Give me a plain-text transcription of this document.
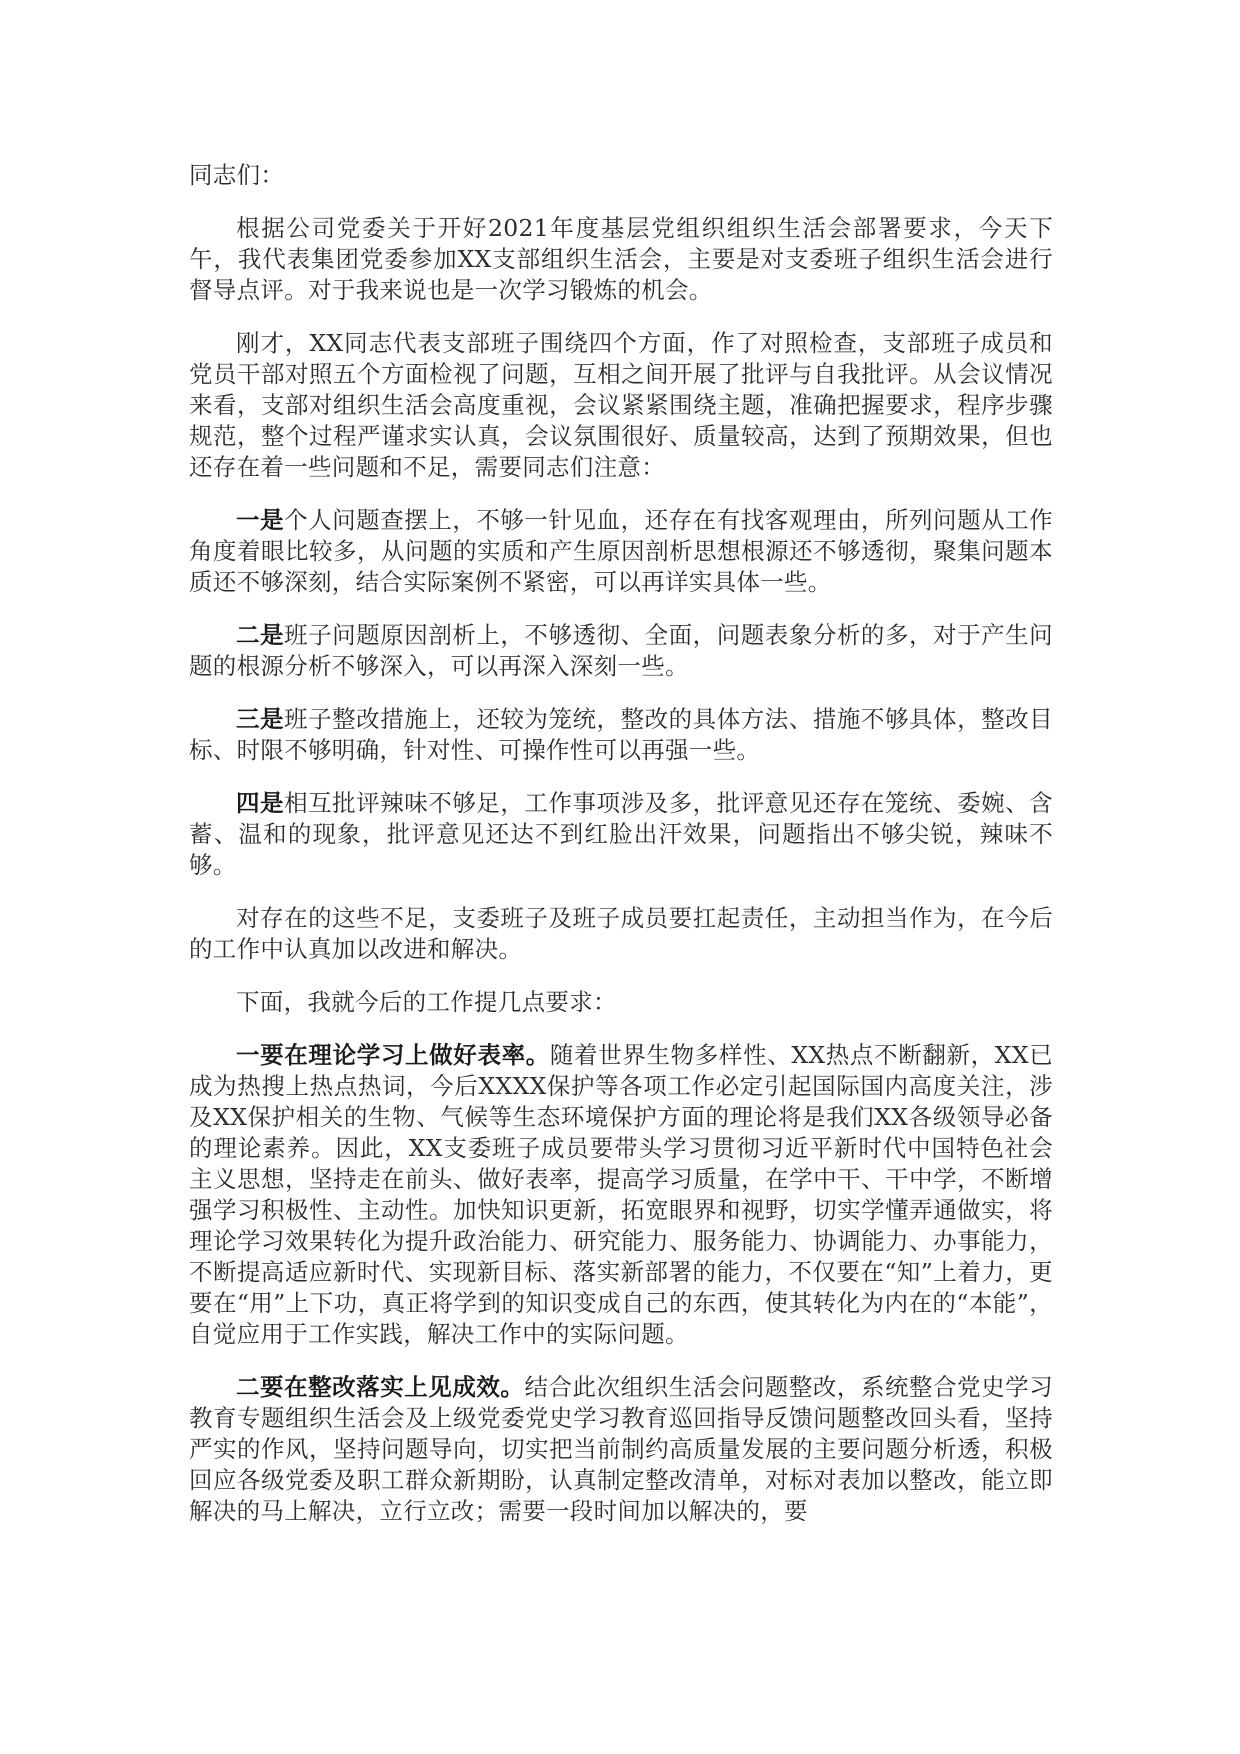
同志们：

根据公司党委关于开好2021年度基层党组织组织生活会部署要求，今天下午，我代表集团党委参加XX支部组织生活会，主要是对支委班子组织生活会进行督导点评。对于我来说也是一次学习锻炼的机会。

刚才，XX同志代表支部班子围绕四个方面，作了对照检查，支部班子成员和党员干部对照五个方面检视了问题，互相之间开展了批评与自我批评。从会议情况来看，支部对组织生活会高度重视，会议紧紧围绕主题，准确把握要求，程序步骤规范，整个过程严谨求实认真，会议氛围很好、质量较高，达到了预期效果，但也还存在着一些问题和不足，需要同志们注意：

一是个人问题查摆上，不够一针见血，还存在有找客观理由，所列问题从工作角度着眼比较多，从问题的实质和产生原因剖析思想根源还不够透彻，聚集问题本质还不够深刻，结合实际案例不紧密，可以再详实具体一些。

二是班子问题原因剖析上，不够透彻、全面，问题表象分析的多，对于产生问题的根源分析不够深入，可以再深入深刻一些。

三是班子整改措施上，还较为笼统，整改的具体方法、措施不够具体，整改目标、时限不够明确，针对性、可操作性可以再强一些。

四是相互批评辣味不够足，工作事项涉及多，批评意见还存在笼统、委婉、含蓄、温和的现象，批评意见还达不到红脸出汗效果，问题指出不够尖锐，辣味不够。

对存在的这些不足，支委班子及班子成员要扛起责任，主动担当作为，在今后的工作中认真加以改进和解决。

下面，我就今后的工作提几点要求：

一要在理论学习上做好表率。随着世界生物多样性、XX热点不断翻新，XX已成为热搜上热点热词，今后XXXX保护等各项工作必定引起国际国内高度关注，涉及XX保护相关的生物、气候等生态环境保护方面的理论将是我们XX各级领导必备的理论素养。因此，XX支委班子成员要带头学习贯彻习近平新时代中国特色社会主义思想，坚持走在前头、做好表率，提高学习质量，在学中干、干中学，不断增强学习积极性、主动性。加快知识更新，拓宽眼界和视野，切实学懂弄通做实，将理论学习效果转化为提升政治能力、研究能力、服务能力、协调能力、办事能力，不断提高适应新时代、实现新目标、落实新部署的能力，不仅要在“知”上着力，更要在“用”上下功，真正将学到的知识变成自己的东西，使其转化为内在的“本能”，自觉应用于工作实践，解决工作中的实际问题。

二要在整改落实上见成效。结合此次组织生活会问题整改，系统整合党史学习教育专题组织生活会及上级党委党史学习教育巡回指导反馈问题整改回头看，坚持严实的作风，坚持问题导向，切实把当前制约高质量发展的主要问题分析透，积极回应各级党委及职工群众新期盼，认真制定整改清单，对标对表加以整改，能立即解决的马上解决，立行立改；需要一段时间加以解决的，要
